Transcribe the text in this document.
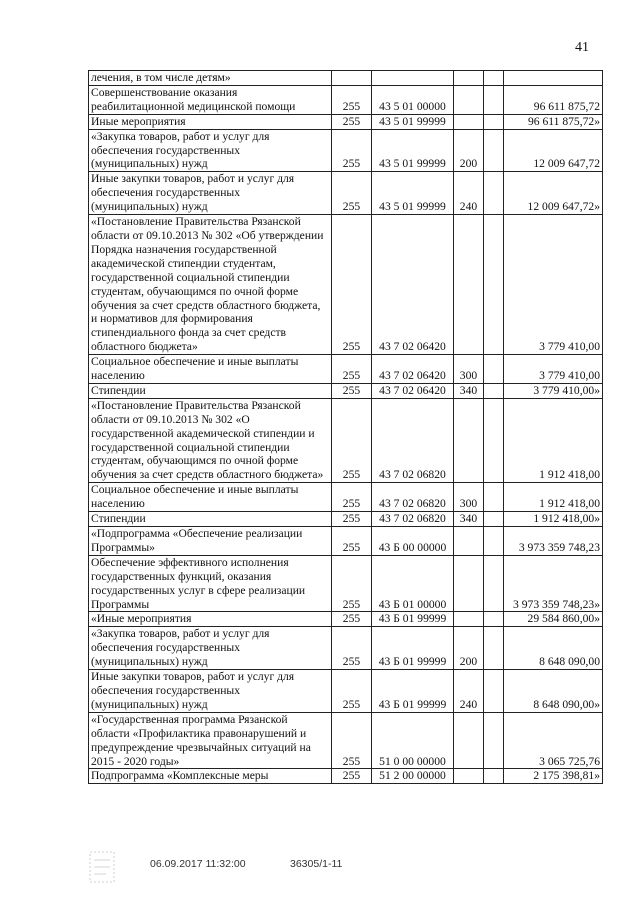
41
лечения, в том числе детям»					
Совершенствование оказания реабилитационной медицинской помощи	255	43 5 01 00000			96 611 875,72
Иные мероприятия	255	43 5 01 99999			96 611 875,72»
«Закупка товаров, работ и услуг для обеспечения государственных (муниципальных) нужд	255	43 5 01 99999	200		12 009 647,72
Иные закупки товаров, работ и услуг для обеспечения государственных (муниципальных) нужд	255	43 5 01 99999	240		12 009 647,72»
«Постановление Правительства Рязанской области от 09.10.2013 № 302 «Об утверждении Порядка назначения государственной академической стипендии студентам, государственной социальной стипендии студентам, обучающимся по очной форме обучения за счет средств областного бюджета, и нормативов для формирования стипендиального фонда за счет средств областного бюджета»	255	43 7 02 06420			3 779 410,00
Социальное обеспечение и иные выплаты населению	255	43 7 02 06420	300		3 779 410,00
Стипендии	255	43 7 02 06420	340		3 779 410,00»
«Постановление Правительства Рязанской области от 09.10.2013 № 302 «О государственной академической стипендии и государственной социальной стипендии студентам, обучающимся по очной форме обучения за счет средств областного бюджета»	255	43 7 02 06820			1 912 418,00
Социальное обеспечение и иные выплаты населению	255	43 7 02 06820	300		1 912 418,00
Стипендии	255	43 7 02 06820	340		1 912 418,00»
«Подпрограмма «Обеспечение реализации Программы»	255	43 Б 00 00000			3 973 359 748,23
Обеспечение эффективного исполнения государственных функций, оказания государственных услуг в сфере реализации Программы	255	43 Б 01 00000			3 973 359 748,23»
«Иные мероприятия	255	43 Б 01 99999			29 584 860,00»
«Закупка товаров, работ и услуг для обеспечения государственных (муниципальных) нужд	255	43 Б 01 99999	200		8 648 090,00
Иные закупки товаров, работ и услуг для обеспечения государственных (муниципальных) нужд	255	43 Б 01 99999	240		8 648 090,00»
«Государственная программа Рязанской области «Профилактика правонарушений и предупреждение чрезвычайных ситуаций на 2015 - 2020 годы»	255	51 0 00 00000			3 065 725,76
Подпрограмма «Комплексные меры	255	51 2 00 00000			2 175 398,81»
06.09.2017 11:32:00	36305/1-11
